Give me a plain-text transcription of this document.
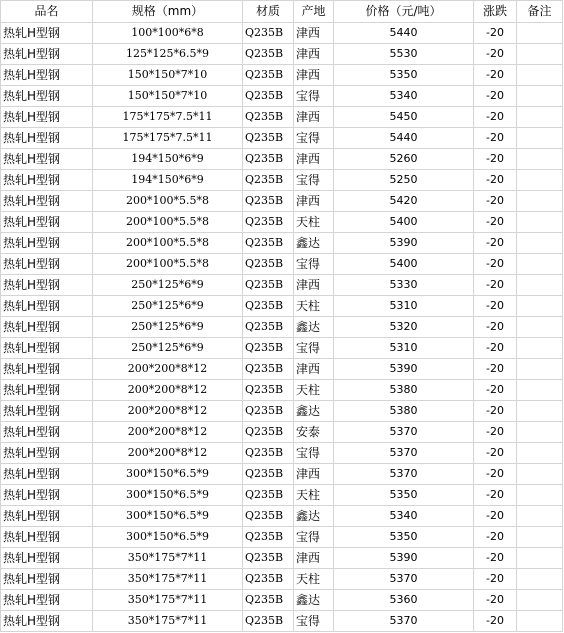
品名	规格（mm）	材质	产地	价格（元/吨）	涨跌	备注
热轧H型钢	100*100*6*8	Q235B	津西	5440	-20	
热轧H型钢	125*125*6.5*9	Q235B	津西	5530	-20	
热轧H型钢	150*150*7*10	Q235B	津西	5350	-20	
热轧H型钢	150*150*7*10	Q235B	宝得	5340	-20	
热轧H型钢	175*175*7.5*11	Q235B	津西	5450	-20	
热轧H型钢	175*175*7.5*11	Q235B	宝得	5440	-20	
热轧H型钢	194*150*6*9	Q235B	津西	5260	-20	
热轧H型钢	194*150*6*9	Q235B	宝得	5250	-20	
热轧H型钢	200*100*5.5*8	Q235B	津西	5420	-20	
热轧H型钢	200*100*5.5*8	Q235B	天柱	5400	-20	
热轧H型钢	200*100*5.5*8	Q235B	鑫达	5390	-20	
热轧H型钢	200*100*5.5*8	Q235B	宝得	5400	-20	
热轧H型钢	250*125*6*9	Q235B	津西	5330	-20	
热轧H型钢	250*125*6*9	Q235B	天柱	5310	-20	
热轧H型钢	250*125*6*9	Q235B	鑫达	5320	-20	
热轧H型钢	250*125*6*9	Q235B	宝得	5310	-20	
热轧H型钢	200*200*8*12	Q235B	津西	5390	-20	
热轧H型钢	200*200*8*12	Q235B	天柱	5380	-20	
热轧H型钢	200*200*8*12	Q235B	鑫达	5380	-20	
热轧H型钢	200*200*8*12	Q235B	安泰	5370	-20	
热轧H型钢	200*200*8*12	Q235B	宝得	5370	-20	
热轧H型钢	300*150*6.5*9	Q235B	津西	5370	-20	
热轧H型钢	300*150*6.5*9	Q235B	天柱	5350	-20	
热轧H型钢	300*150*6.5*9	Q235B	鑫达	5340	-20	
热轧H型钢	300*150*6.5*9	Q235B	宝得	5350	-20	
热轧H型钢	350*175*7*11	Q235B	津西	5390	-20	
热轧H型钢	350*175*7*11	Q235B	天柱	5370	-20	
热轧H型钢	350*175*7*11	Q235B	鑫达	5360	-20	
热轧H型钢	350*175*7*11	Q235B	宝得	5370	-20	
